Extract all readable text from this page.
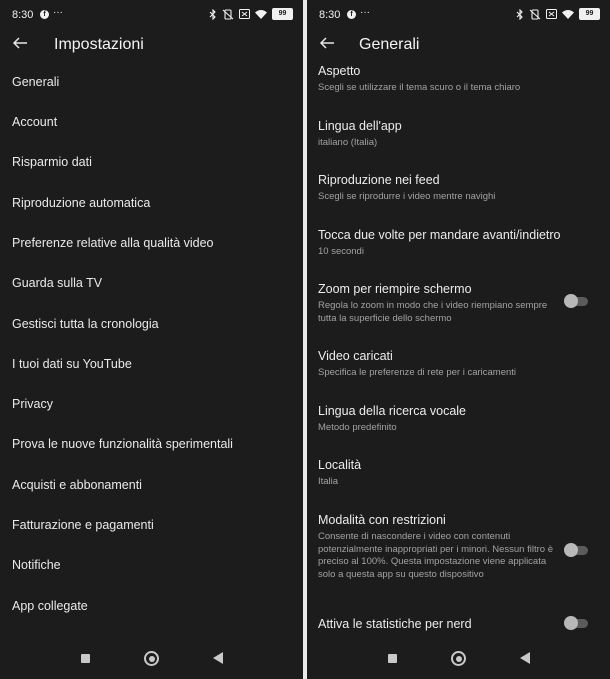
8:30	f ···	99
Impostazioni
Generali
Account
Risparmio dati
Riproduzione automatica
Preferenze relative alla qualità video
Guarda sulla TV
Gestisci tutta la cronologia
I tuoi dati su YouTube
Privacy
Prova le nuove funzionalità sperimentali
Acquisti e abbonamenti
Fatturazione e pagamenti
Notifiche
App collegate
8:30	f ···	99
Generali
Aspetto
Scegli se utilizzare il tema scuro o il tema chiaro
Lingua dell'app
italiano (Italia)
Riproduzione nei feed
Scegli se riprodurre i video mentre navighi
Tocca due volte per mandare avanti/indietro
10 secondi
Zoom per riempire schermo
Regola lo zoom in modo che i video riempiano sempre tutta la superficie dello schermo
Video caricati
Specifica le preferenze di rete per i caricamenti
Lingua della ricerca vocale
Metodo predefinito
Località
Italia
Modalità con restrizioni
Consente di nascondere i video con contenuti potenzialmente inappropriati per i minori. Nessun filtro è preciso al 100%. Questa impostazione viene applicata solo a questa app su questo dispositivo
Attiva le statistiche per nerd
